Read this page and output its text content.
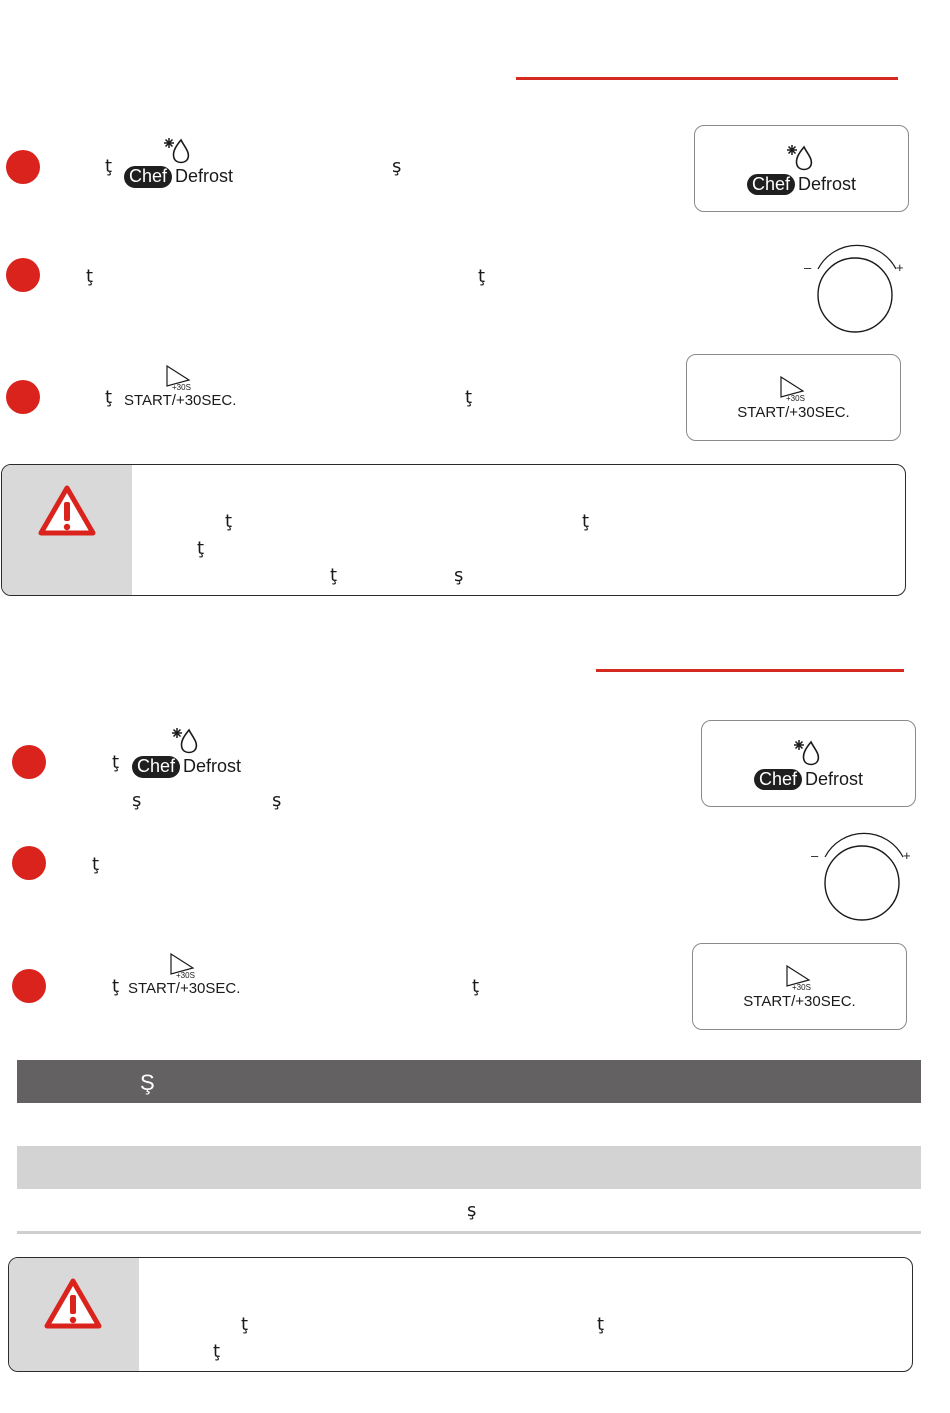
ţ Chef Defrost	ş
Chef Defrost
ţ	ţ	–	+
ţ	+30S
START/+30SEC.	ţ	+30S
START/+30SEC.
ţ	ţ
ţ
ţ	ş
ţ Chef Defrost
ş	ş
Chef Defrost
ţ	–	+
ţ
+30S
START/+30SEC.	ţ	+30S
START/+30SEC.
Ş
ş
ţ	ţ
ţ
